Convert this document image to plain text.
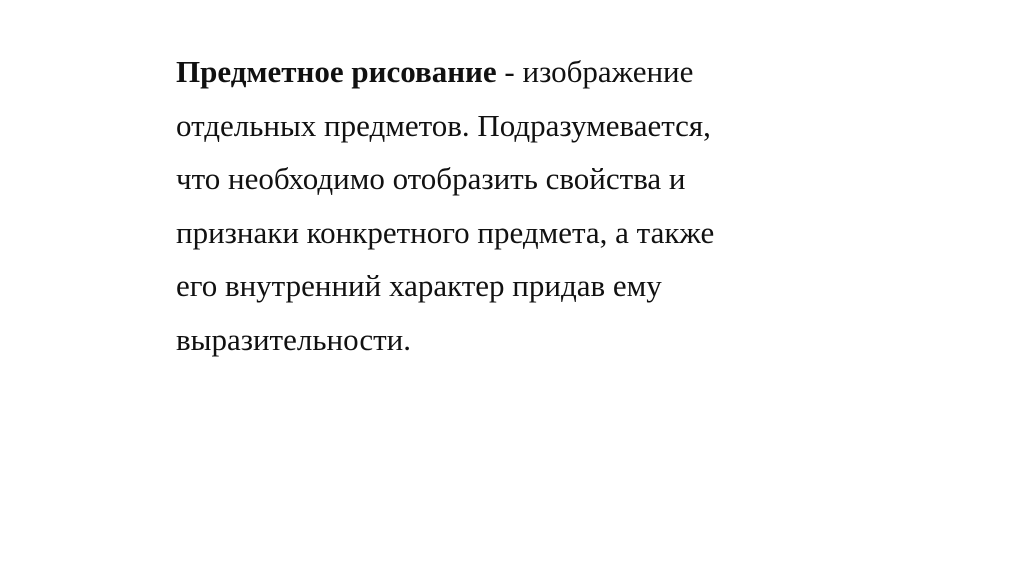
Предметное рисование - изображение
отдельных предметов. Подразумевается,
что необходимо отобразить свойства и
признаки конкретного предмета, а также
его внутренний характер придав ему
выразительности.
